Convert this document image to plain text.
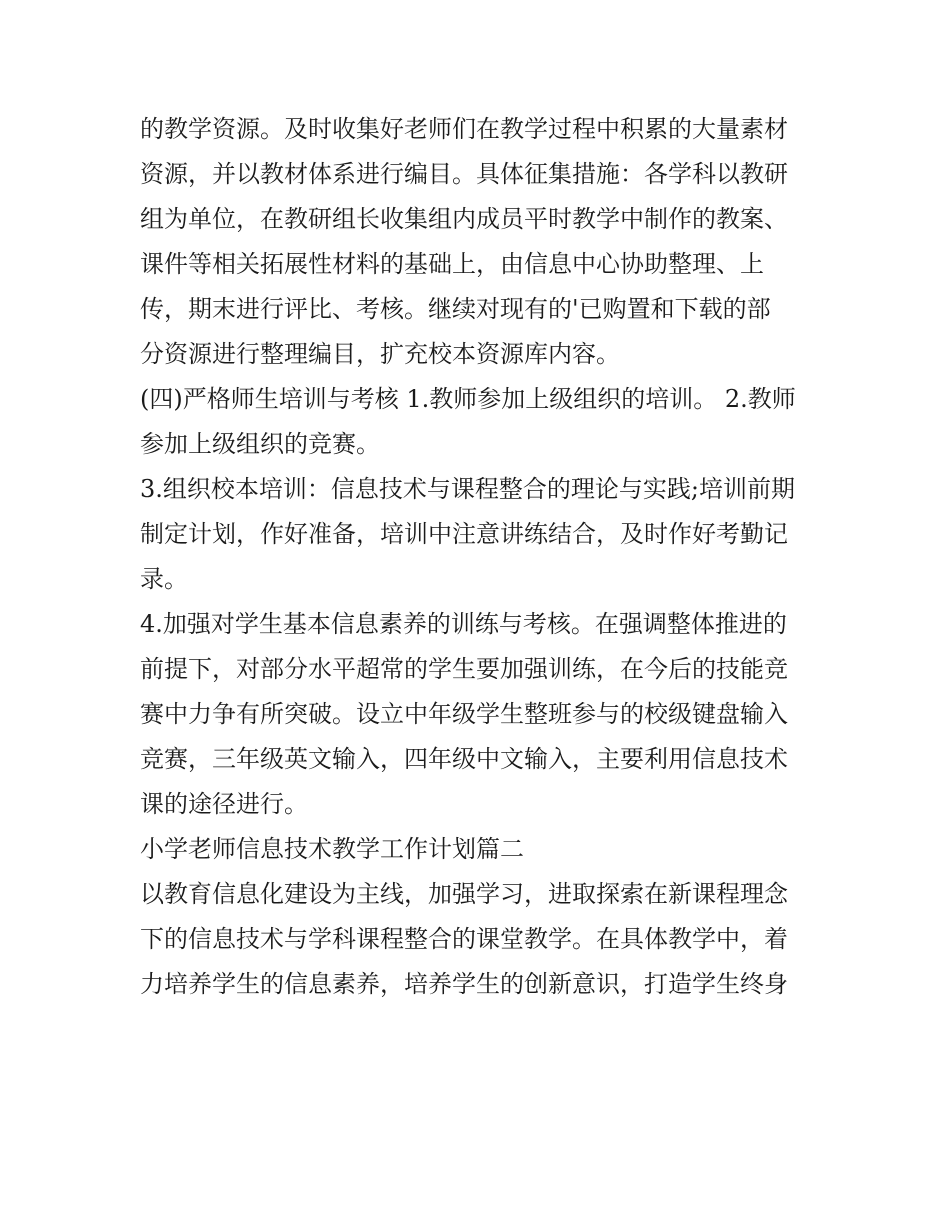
的教学资源。及时收集好老师们在教学过程中积累的大量素材
资源，并以教材体系进行编目。具体征集措施：各学科以教研
组为单位，在教研组长收集组内成员平时教学中制作的教案、
课件等相关拓展性材料的基础上，由信息中心协助整理、上
传，期末进行评比、考核。继续对现有的'已购置和下载的部
分资源进行整理编目，扩充校本资源库内容。
(四)严格师生培训与考核 1.教师参加上级组织的培训。 2.教师
参加上级组织的竞赛。
3.组织校本培训：信息技术与课程整合的理论与实践;培训前期
制定计划，作好准备，培训中注意讲练结合，及时作好考勤记
录。
4.加强对学生基本信息素养的训练与考核。在强调整体推进的
前提下，对部分水平超常的学生要加强训练，在今后的技能竞
赛中力争有所突破。设立中年级学生整班参与的校级键盘输入
竞赛，三年级英文输入，四年级中文输入，主要利用信息技术
课的途径进行。
小学老师信息技术教学工作计划篇二
以教育信息化建设为主线，加强学习，进取探索在新课程理念
下的信息技术与学科课程整合的课堂教学。在具体教学中，着
力培养学生的信息素养，培养学生的创新意识，打造学生终身
